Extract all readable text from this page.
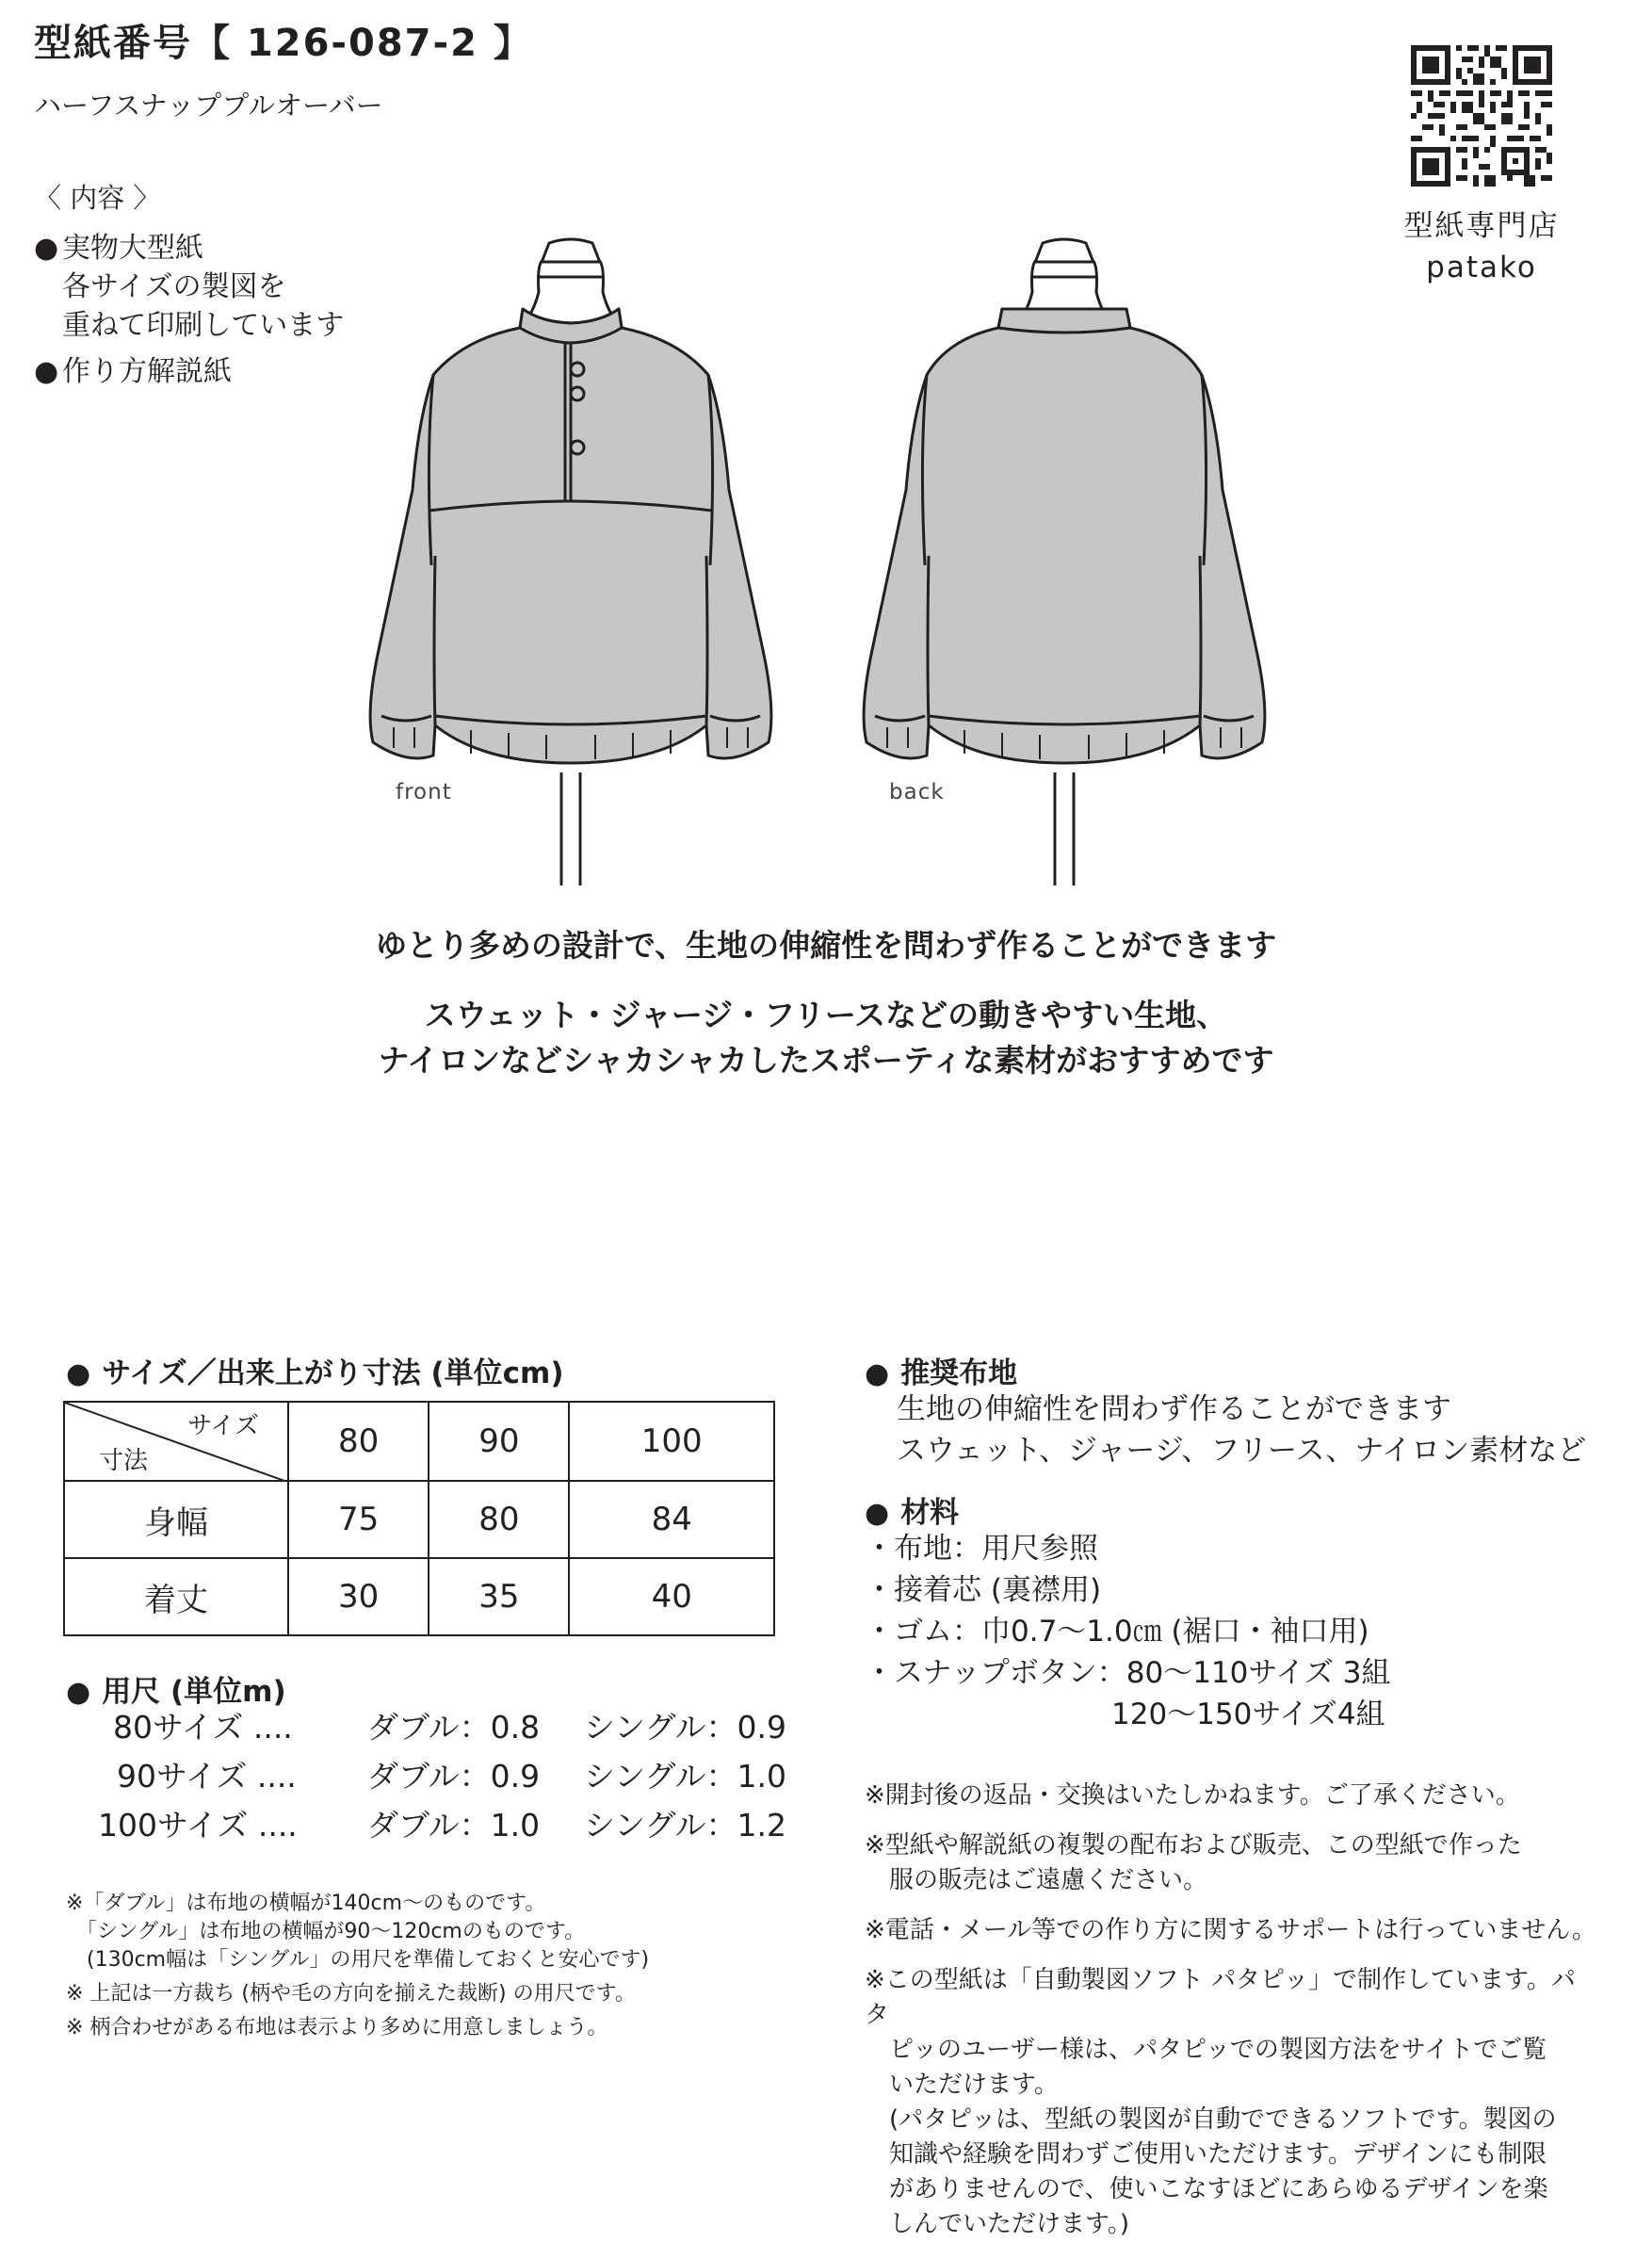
型紙番号【 126-087-2 】
ハーフスナッププルオーバー
〈 内容 〉
● 実物大型紙
各サイズの製図を
重ねて印刷しています
● 作り方解説紙
型紙専門店
patako
front	back
ゆとり多めの設計で、生地の伸縮性を問わず作ることができます
スウェット・ジャージ・フリースなどの動きやすい生地、
ナイロンなどシャカシャカしたスポーティな素材がおすすめです
● サイズ／出来上がり寸法 (単位cm)
サイズ
寸法	80	90	100
身幅	75	80	84
着丈	30	35	40
● 用尺 (単位m)
80サイズ .... ダブル：0.8 シングル：0.9
90サイズ .... ダブル：0.9 シングル：1.0
100サイズ .... ダブル：1.0 シングル：1.2
※「ダブル」は布地の横幅が140cm～のものです。
　「シングル」は布地の横幅が90～120cmのものです。
　(130cm幅は「シングル」の用尺を準備しておくと安心です)
※ 上記は一方裁ち (柄や毛の方向を揃えた裁断) の用尺です。
※ 柄合わせがある布地は表示より多めに用意しましょう。
● 推奨布地
生地の伸縮性を問わず作ることができます
スウェット、ジャージ、フリース、ナイロン素材など
● 材料
・布地：用尺参照
・接着芯 (裏襟用)
・ゴム：巾0.7～1.0㎝ (裾口・袖口用)
・スナップボタン：80～110サイズ 3組
120～150サイズ4組
※開封後の返品・交換はいたしかねます。ご了承ください。
※型紙や解説紙の複製の配布および販売、この型紙で作った
　服の販売はご遠慮ください。
※電話・メール等での作り方に関するサポートは行っていません。
※この型紙は「自動製図ソフト パタピッ」で制作しています。パタ
　ピッのユーザー様は、パタピッでの製図方法をサイトでご覧
　いただけます。
　(パタピッは、型紙の製図が自動でできるソフトです。製図の
　知識や経験を問わずご使用いただけます。デザインにも制限
　がありませんので、使いこなすほどにあらゆるデザインを楽
　しんでいただけます。)
